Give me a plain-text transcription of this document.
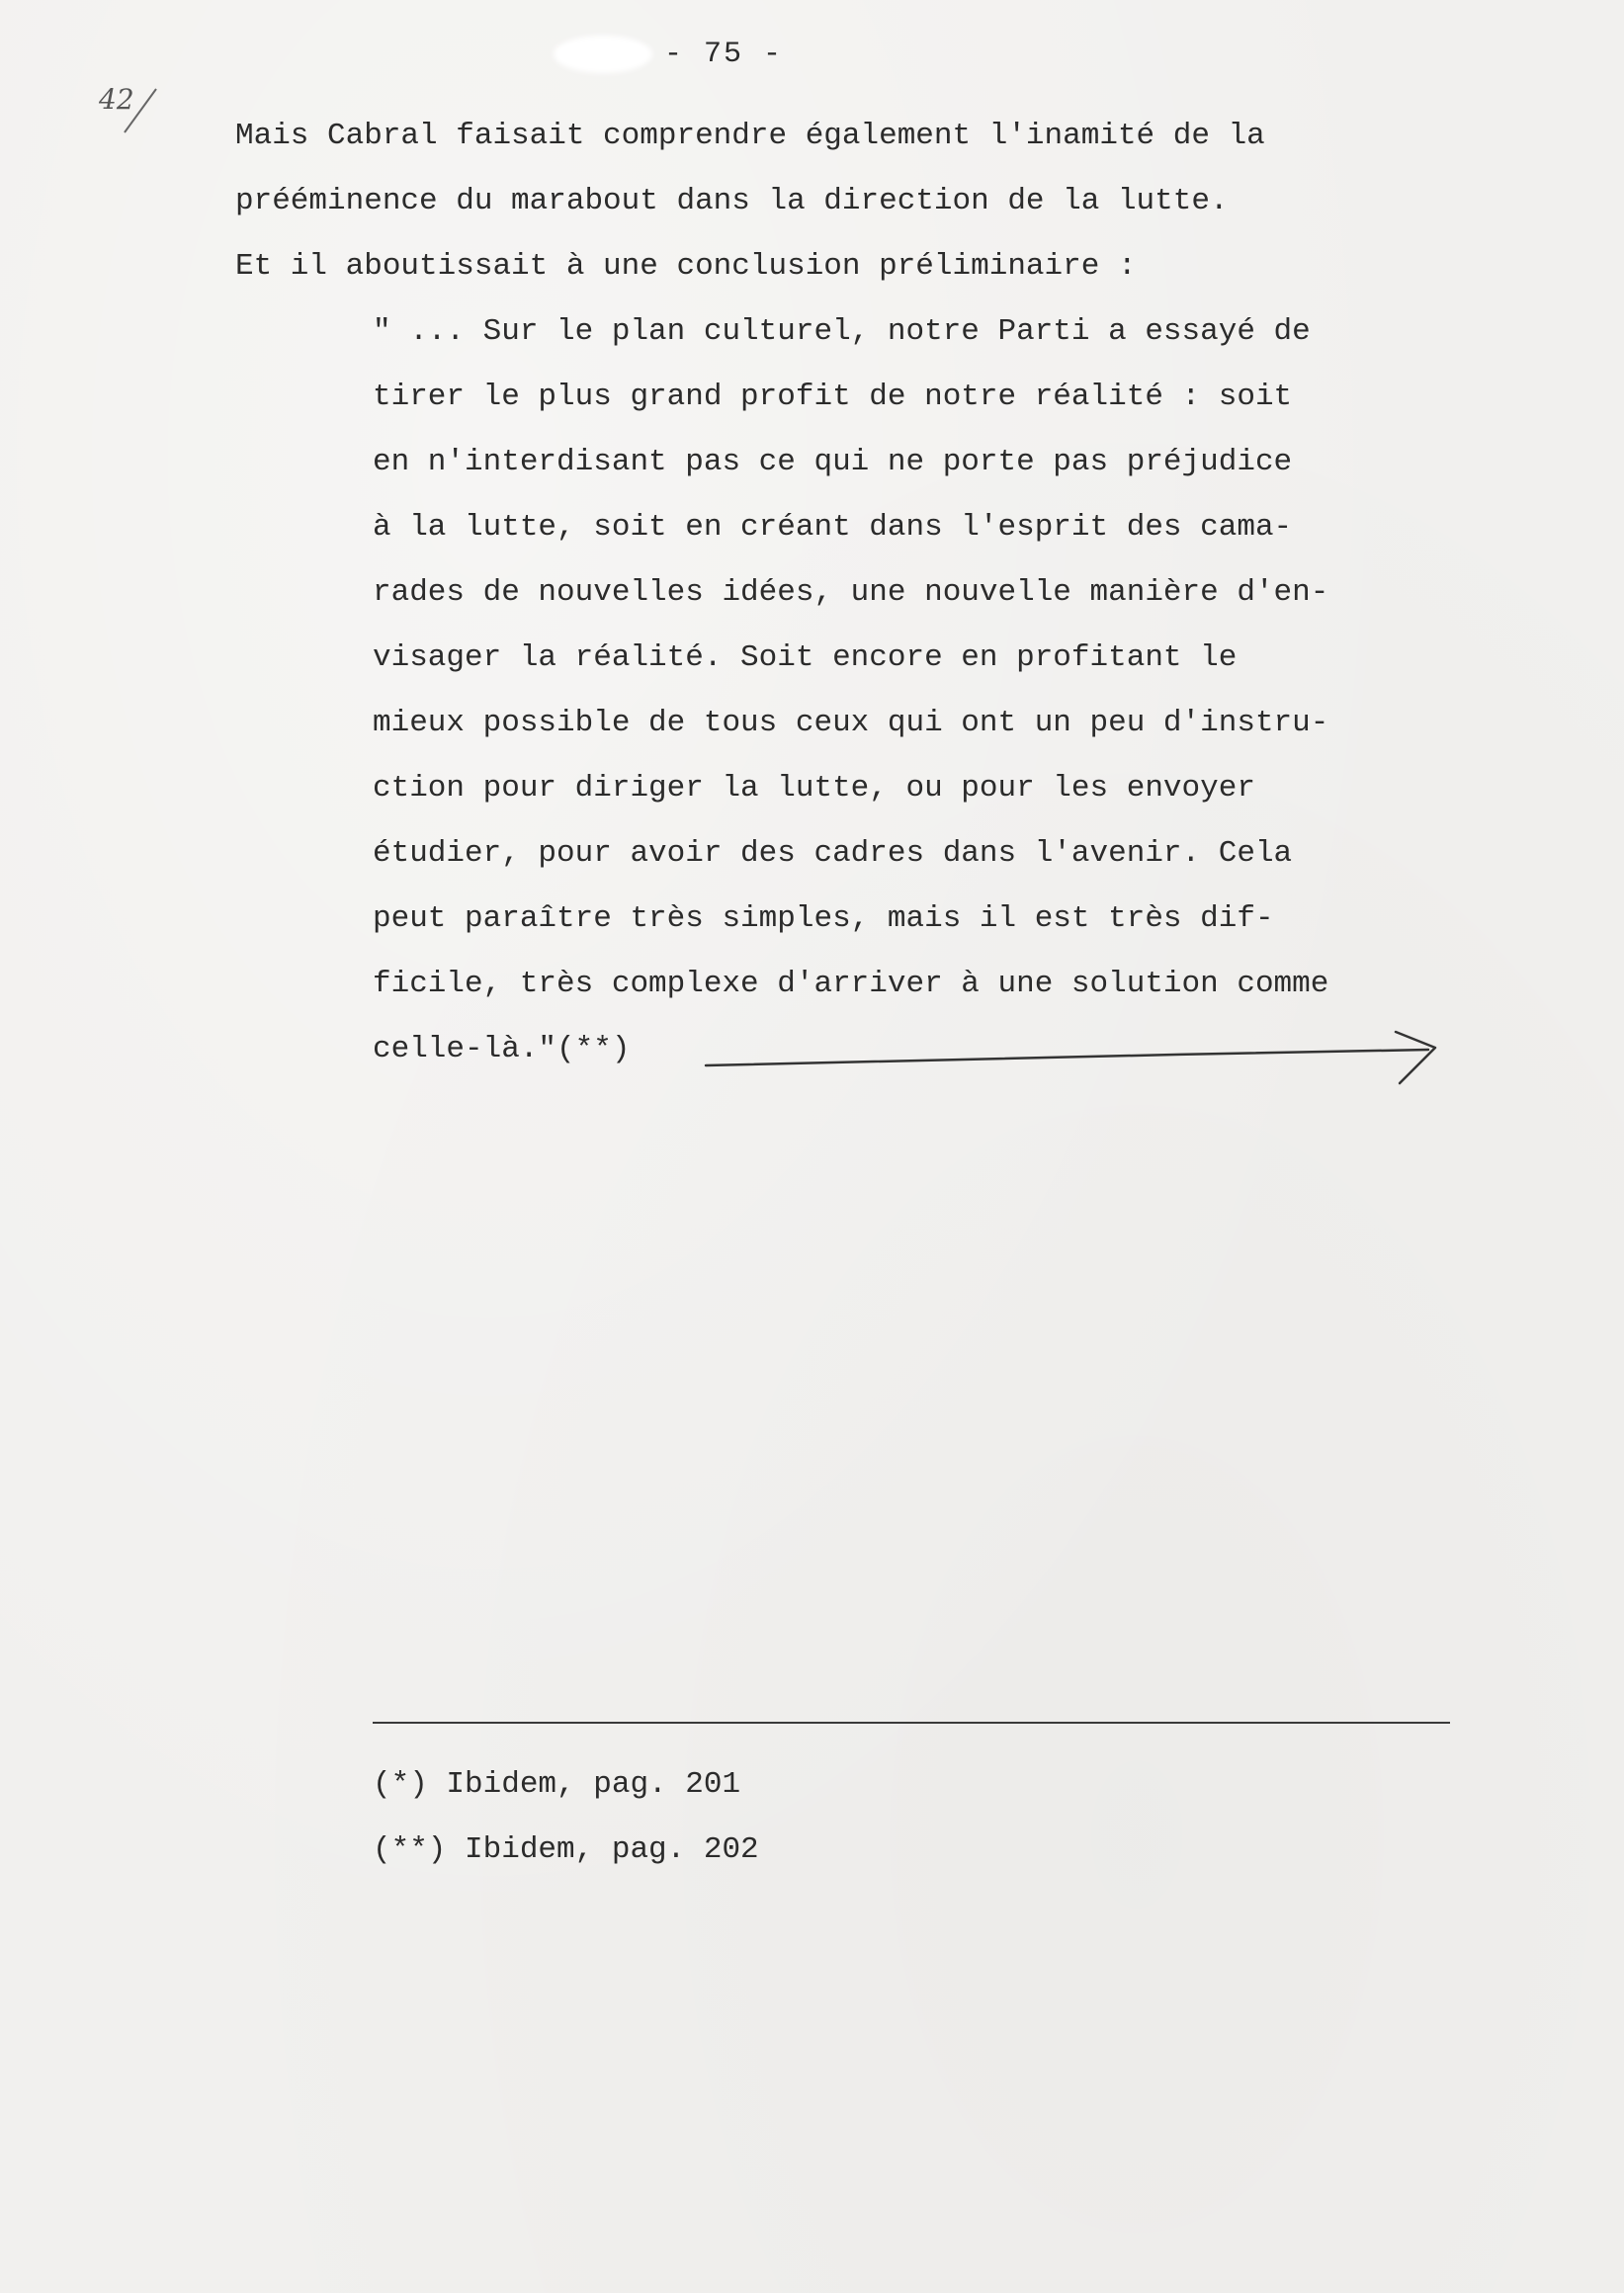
- 75 -
42
Mais Cabral faisait comprendre également l'inamité de la
prééminence du marabout dans la direction de la lutte.
Et il aboutissait à une conclusion préliminaire :
" ... Sur le plan culturel, notre Parti a essayé de
tirer le plus grand profit de notre réalité : soit
en n'interdisant pas ce qui ne porte pas préjudice
à la lutte, soit en créant dans l'esprit des cama-
rades de nouvelles idées, une nouvelle manière d'en-
visager la réalité. Soit encore en profitant le
mieux possible de tous ceux qui ont un peu d'instru-
ction pour diriger la lutte, ou pour les envoyer
étudier, pour avoir des cadres dans l'avenir. Cela
peut paraître très simples, mais il est très dif-
ficile, très complexe d'arriver à une solution comme
celle-là."(**)
(*) Ibidem, pag. 201
(**) Ibidem, pag. 202
